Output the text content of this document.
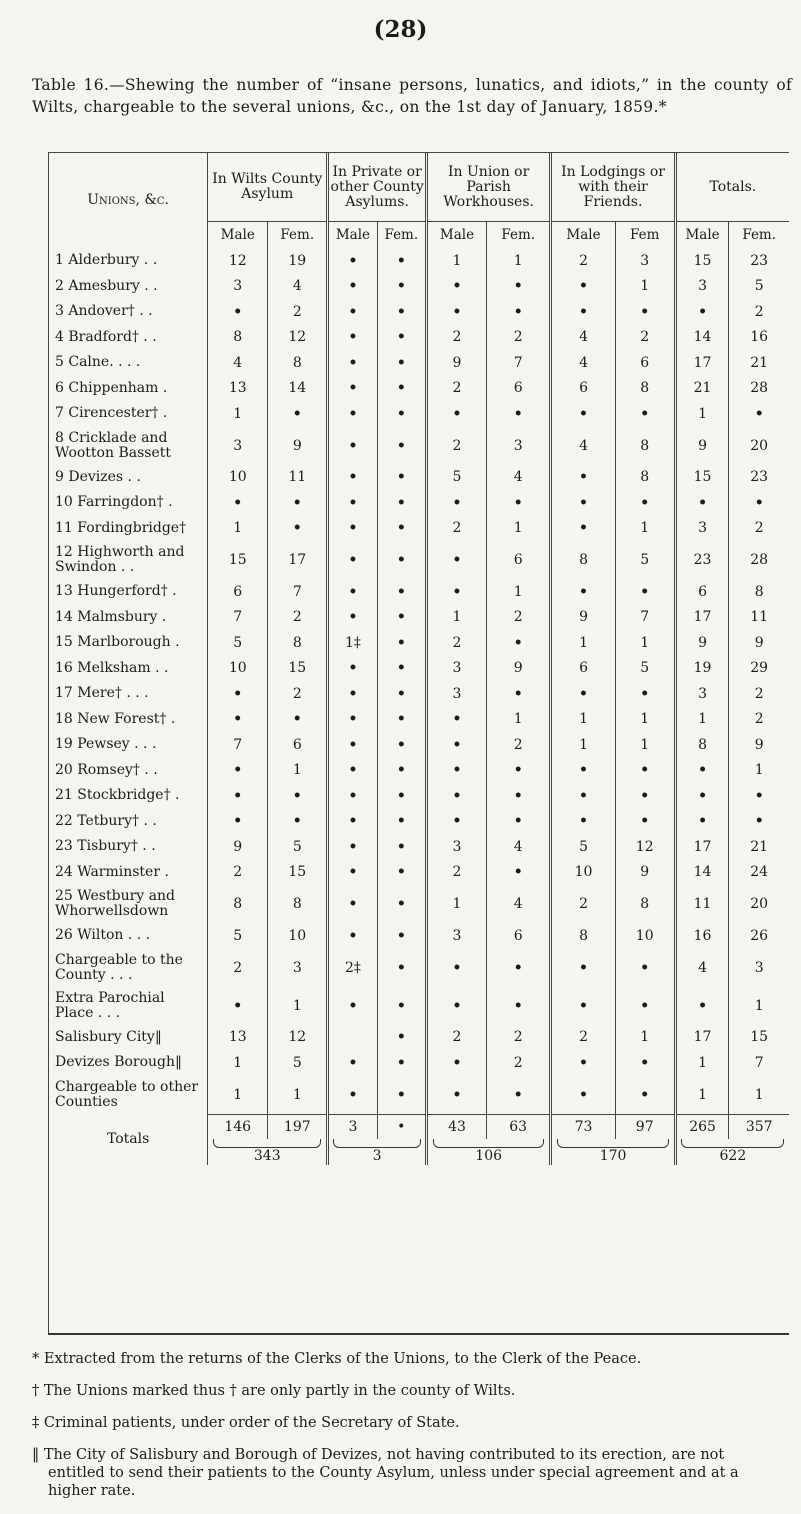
(28)
Table 16.—Shewing the number of “insane persons, lunatics, and idiots,” in the county of Wilts, chargeable to the several unions, &c., on the 1st day of January, 1859.*
Unions, &c.	In Wilts County Asylum		In Private or other County Asylums.		In Union or Parish Workhouses.		In Lodgings or with their Friends.		Totals.	
	Male	Fem.	Male	Fem.	Male	Fem.	Male	Fem	Male	Fem.
1 Alderbury . .	12	19	•	•	1	1	2	3	15	23
2 Amesbury . .	3	4	•	•	•	•	•	1	3	5
3 Andover† . .	•	2	•	•	•	•	•	•	•	2
4 Bradford† . .	8	12	•	•	2	2	4	2	14	16
5 Calne. . . .	4	8	•	•	9	7	4	6	17	21
6 Chippenham .	13	14	•	•	2	6	6	8	21	28
7 Cirencester† .	1	•	•	•	•	•	•	•	1	•
8 Cricklade and Wootton Bassett	3	9	•	•	2	3	4	8	9	20
9 Devizes . .	10	11	•	•	5	4	•	8	15	23
10 Farringdon† .	•	•	•	•	•	•	•	•	•	•
11 Fordingbridge†	1	•	•	•	2	1	•	1	3	2
12 Highworth and Swindon . .	15	17	•	•	•	6	8	5	23	28
13 Hungerford† .	6	7	•	•	•	1	•	•	6	8
14 Malmsbury .	7	2	•	•	1	2	9	7	17	11
15 Marlborough .	5	8	1‡	•	2	•	1	1	9	9
16 Melksham . .	10	15	•	•	3	9	6	5	19	29
17 Mere† . . .	•	2	•	•	3	•	•	•	3	2
18 New Forest† .	•	•	•	•	•	1	1	1	1	2
19 Pewsey . . .	7	6	•	•	•	2	1	1	8	9
20 Romsey† . .	•	1	•	•	•	•	•	•	•	1
21 Stockbridge† .	•	•	•	•	•	•	•	•	•	•
22 Tetbury† . .	•	•	•	•	•	•	•	•	•	•
23 Tisbury† . .	9	5	•	•	3	4	5	12	17	21
24 Warminster .	2	15	•	•	2	•	10	9	14	24
25 Westbury and Whorwellsdown	8	8	•	•	1	4	2	8	11	20
26 Wilton . . .	5	10	•	•	3	6	8	10	16	26
Chargeable to the County . . .	2	3	2‡	•	•	•	•	•	4	3
Extra Parochial Place . . .	•	1	•	•	•	•	•	•	•	1
Salisbury City‖	13	12		•	2	2	2	1	17	15
Devizes Borough‖	1	5	•	•	•	2	•	•	1	7
Chargeable to other Counties	1	1	•	•	•	•	•	•	1	1
Totals	146	197	3	•	43	63	73	97	265	357

343		3		106		170		622	

* Extracted from the returns of the Clerks of the Unions, to the Clerk of the Peace.

† The Unions marked thus † are only partly in the county of Wilts.

‡ Criminal patients, under order of the Secretary of State.

‖ The City of Salisbury and Borough of Devizes, not having contributed to its erection, are not entitled to send their patients to the County Asylum, unless under special agreement and at a higher rate.
